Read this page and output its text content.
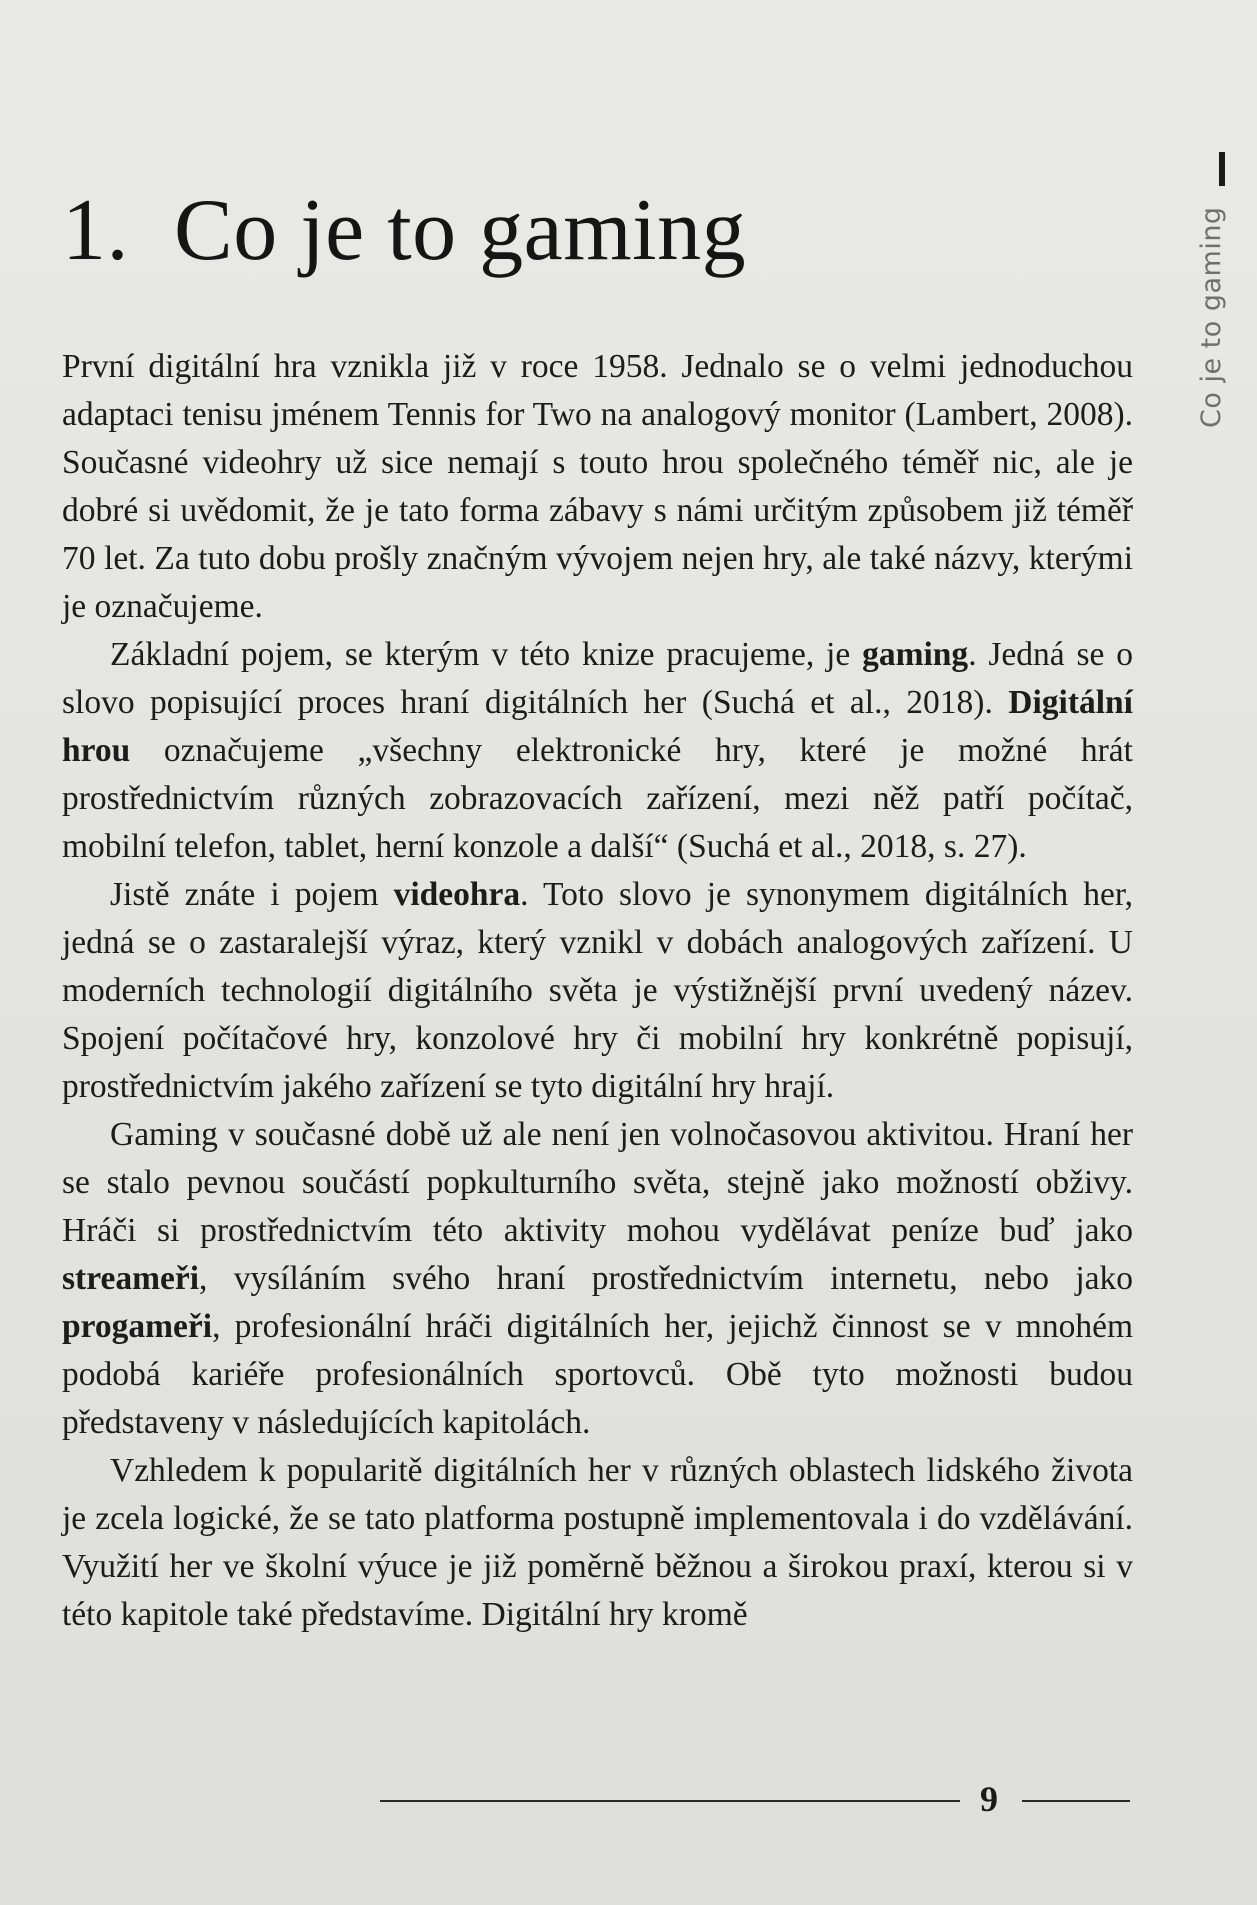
1. Co je to gaming	Co je to gaming

První digitální hra vznikla již v roce 1958. Jednalo se o velmi jednoduchou adaptaci tenisu jménem Tennis for Two na analogový monitor (Lambert, 2008). Současné videohry už sice nemají s touto hrou společného téměř nic, ale je dobré si uvědomit, že je tato forma zábavy s námi určitým způsobem již téměř 70 let. Za tuto dobu prošly značným vývojem nejen hry, ale také názvy, kterými je označujeme.

Základní pojem, se kterým v této knize pracujeme, je gaming. Jedná se o slovo popisující proces hraní digitálních her (Suchá et al., 2018). Digitální hrou označujeme „všechny elektronické hry, které je možné hrát prostřednictvím různých zobrazovacích zařízení, mezi něž patří počítač, mobilní telefon, tablet, herní konzole a další“ (Suchá et al., 2018, s. 27).

Jistě znáte i pojem videohra. Toto slovo je synonymem digitálních her, jedná se o zastaralejší výraz, který vznikl v dobách analogových zařízení. U moderních technologií digitálního světa je výstižnější první uvedený název. Spojení počítačové hry, konzolové hry či mobilní hry konkrétně popisují, prostřednictvím jakého zařízení se tyto digitální hry hrají.

Gaming v současné době už ale není jen volnočasovou aktivitou. Hraní her se stalo pevnou součástí popkulturního světa, stejně jako možností obživy. Hráči si prostřednictvím této aktivity mohou vydělávat peníze buď jako streameři, vysíláním svého hraní prostřednictvím internetu, nebo jako progameři, profesionální hráči digitálních her, jejichž činnost se v mnohém podobá kariéře profesionálních sportovců. Obě tyto možnosti budou představeny v následujících kapitolách.

Vzhledem k popularitě digitálních her v různých oblastech lidského života je zcela logické, že se tato platforma postupně implementovala i do vzdělávání. Využití her ve školní výuce je již poměrně běžnou a širokou praxí, kterou si v této kapitole také představíme. Digitální hry kromě

9
